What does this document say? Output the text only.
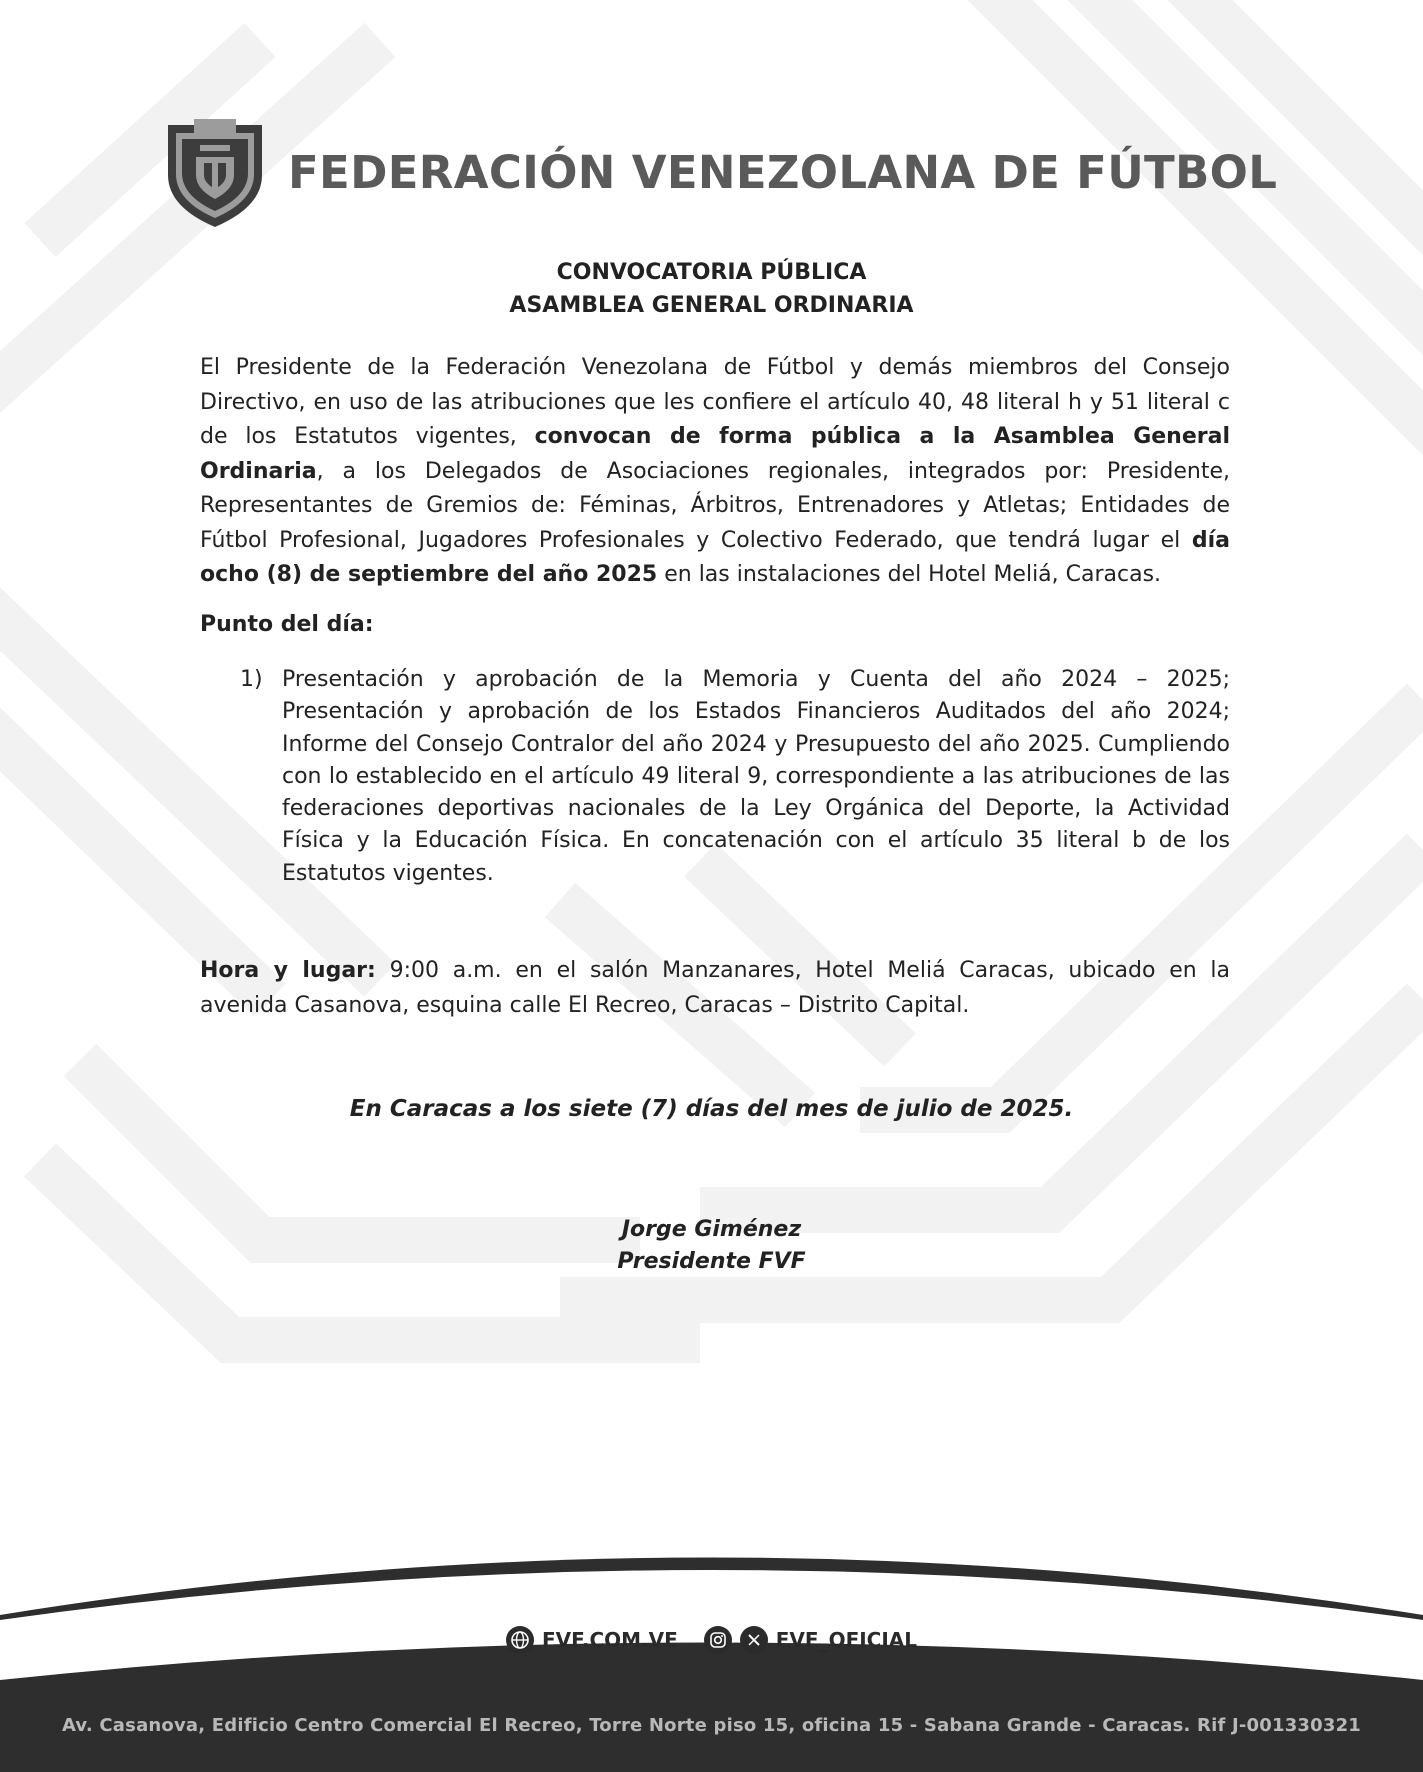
FEDERACIÓN VENEZOLANA DE FÚTBOL
CONVOCATORIA PÚBLICA
ASAMBLEA GENERAL ORDINARIA
El Presidente de la Federación Venezolana de Fútbol y demás miembros del Consejo Directivo, en uso de las atribuciones que les confiere el artículo 40, 48 literal h y 51 literal c de los Estatutos vigentes, convocan de forma pública a la Asamblea General Ordinaria, a los Delegados de Asociaciones regionales, integrados por: Presidente, Representantes de Gremios de: Féminas, Árbitros, Entrenadores y Atletas; Entidades de Fútbol Profesional, Jugadores Profesionales y Colectivo Federado, que tendrá lugar el día ocho (8) de septiembre del año 2025 en las instalaciones del Hotel Meliá, Caracas.
Punto del día:
1) Presentación y aprobación de la Memoria y Cuenta del año 2024 – 2025; Presentación y aprobación de los Estados Financieros Auditados del año 2024; Informe del Consejo Contralor del año 2024 y Presupuesto del año 2025. Cumpliendo con lo establecido en el artículo 49 literal 9, correspondiente a las atribuciones de las federaciones deportivas nacionales de la Ley Orgánica del Deporte, la Actividad Física y la Educación Física. En concatenación con el artículo 35 literal b de los Estatutos vigentes.
Hora y lugar: 9:00 a.m. en el salón Manzanares, Hotel Meliá Caracas, ubicado en la avenida Casanova, esquina calle El Recreo, Caracas – Distrito Capital.
En Caracas a los siete (7) días del mes de julio de 2025.
Jorge Giménez
Presidente FVF
FVF.COM.VE	FVF_OFICIAL
Av. Casanova, Edificio Centro Comercial El Recreo, Torre Norte piso 15, oficina 15 - Sabana Grande - Caracas. Rif J-001330321
